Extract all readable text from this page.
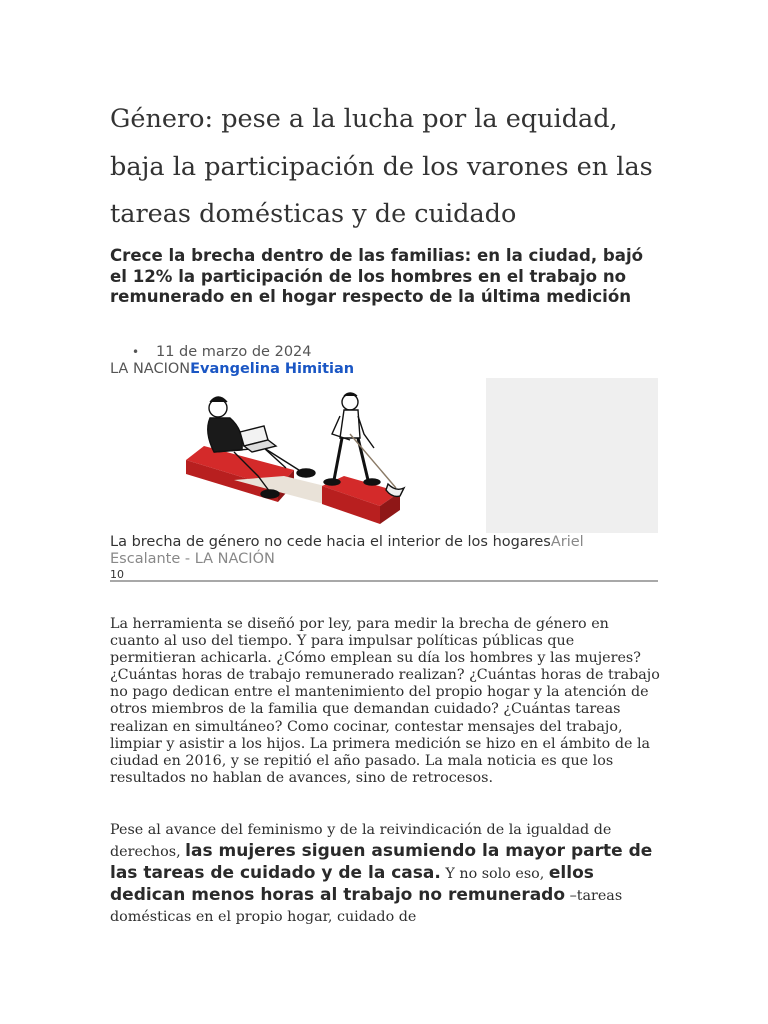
Género: pese a la lucha por la equidad, baja la participación de los varones en las tareas domésticas y de cuidado
Crece la brecha dentro de las familias: en la ciudad, bajó el 12% la participación de los hombres en el trabajo no remunerado en el hogar respecto de la última medición
• 11 de marzo de 2024
LA NACIONEvangelina Himitian
La brecha de género no cede hacia el interior de los hogaresAriel Escalante - LA NACIÓN
10

La herramienta se diseñó por ley, para medir la brecha de género en cuanto al uso del tiempo. Y para impulsar políticas públicas que permitieran achicarla. ¿Cómo emplean su día los hombres y las mujeres? ¿Cuántas horas de trabajo remunerado realizan? ¿Cuántas horas de trabajo no pago dedican entre el mantenimiento del propio hogar y la atención de otros miembros de la familia que demandan cuidado? ¿Cuántas tareas realizan en simultáneo? Como cocinar, contestar mensajes del trabajo, limpiar y asistir a los hijos. La primera medición se hizo en el ámbito de la ciudad en 2016, y se repitió el año pasado. La mala noticia es que los resultados no hablan de avances, sino de retrocesos.

Pese al avance del feminismo y de la reivindicación de la igualdad de derechos, las mujeres siguen asumiendo la mayor parte de las tareas de cuidado y de la casa. Y no solo eso, ellos dedican menos horas al trabajo no remunerado –tareas domésticas en el propio hogar, cuidado de
